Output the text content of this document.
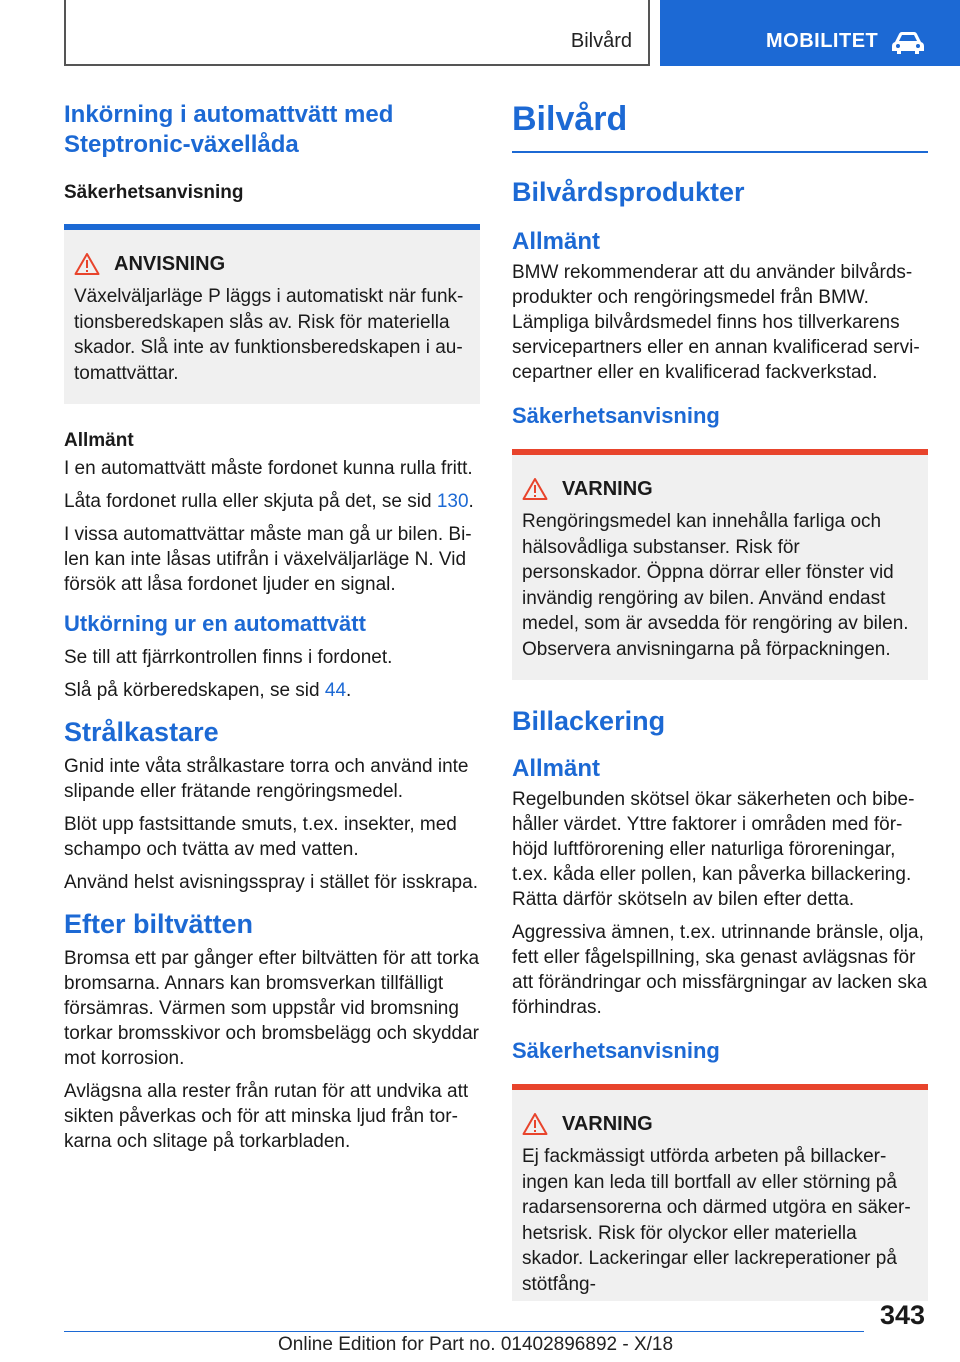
Bilvård	MOBILITET
Inkörning i automattvätt med Steptronic-växellåda
Säkerhetsanvisning
ANVISNING

Växelväljarläge P läggs i automatiskt när funktionsberedskapen slås av. Risk för materiella skador. Slå inte av funktionsberedskapen i automattvättar.

Allmänt

I en automattvätt måste fordonet kunna rulla fritt.

Låta fordonet rulla eller skjuta på det, se sid 130.

I vissa automattvättar måste man gå ur bilen. Bilen kan inte låsas utifrån i växelväljarläge N. Vid försök att låsa fordonet ljuder en signal.

Utkörning ur en automattvätt

Se till att fjärrkontrollen finns i fordonet.

Slå på körberedskapen, se sid 44.

Strålkastare

Gnid inte våta strålkastare torra och använd inte slipande eller frätande rengöringsmedel.

Blöt upp fastsittande smuts, t.ex. insekter, med schampo och tvätta av med vatten.

Använd helst avisningsspray i stället för isskrapa.

Efter biltvätten

Bromsa ett par gånger efter biltvätten för att torka bromsarna. Annars kan bromsverkan tillfälligt försämras. Värmen som uppstår vid bromsning torkar bromsskivor och bromsbelägg och skyddar mot korrosion.

Avlägsna alla rester från rutan för att undvika att sikten påverkas och för att minska ljud från torkarna och slitage på torkarbladen.

Bilvård
Bilvårdsprodukter
Allmänt

BMW rekommenderar att du använder bilvårdsprodukter och rengöringsmedel från BMW. Lämpliga bilvårdsmedel finns hos tillverkarens servicepartners eller en annan kvalificerad servicepartner eller en kvalificerad fackverkstad.

Säkerhetsanvisning
VARNING

Rengöringsmedel kan innehålla farliga och hälsovådliga substanser. Risk för personskador. Öppna dörrar eller fönster vid invändig rengöring av bilen. Använd endast medel, som är avsedda för rengöring av bilen. Observera anvisningarna på förpackningen.

Billackering
Allmänt

Regelbunden skötsel ökar säkerheten och bibehåller värdet. Yttre faktorer i områden med förhöjd luftförorening eller naturliga föroreningar, t.ex. kåda eller pollen, kan påverka billackering. Rätta därför skötseln av bilen efter detta.

Aggressiva ämnen, t.ex. utrinnande bränsle, olja, fett eller fågelspillning, ska genast avlägsnas för att förändringar och missfärgningar av lacken ska förhindras.

Säkerhetsanvisning
VARNING

Ej fackmässigt utförda arbeten på billackeringen kan leda till bortfall av eller störning på radarsensorerna och därmed utgöra en säkerhetsrisk. Risk för olyckor eller materiella skador. Lackeringar eller lackreperationer på stötfång-

343
Online Edition for Part no. 01402896892 - X/18
